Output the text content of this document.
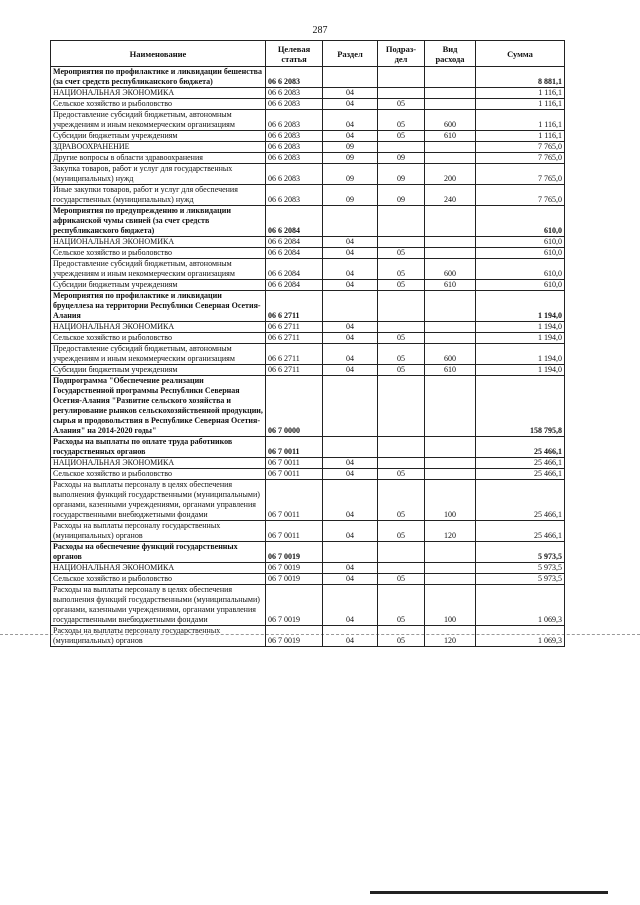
287
Наименование	Целевая статья	Раздел	Подраз-дел	Вид расхода	Сумма
Мероприятия по профилактике и ликвидации бешенства (за счет средств республиканского бюджета)	06 6 2083				8 881,1
НАЦИОНАЛЬНАЯ ЭКОНОМИКА	06 6 2083	04			1 116,1
Сельское хозяйство и рыболовство	06 6 2083	04	05		1 116,1
Предоставление субсидий бюджетным, автономным учреждениям и иным некоммерческим организациям	06 6 2083	04	05	600	1 116,1
Субсидии бюджетным учреждениям	06 6 2083	04	05	610	1 116,1
ЗДРАВООХРАНЕНИЕ	06 6 2083	09			7 765,0
Другие вопросы в области здравоохранения	06 6 2083	09	09		7 765,0
Закупка товаров, работ и услуг для государственных (муниципальных) нужд	06 6 2083	09	09	200	7 765,0
Иные закупки товаров, работ и услуг для обеспечения государственных (муниципальных) нужд	06 6 2083	09	09	240	7 765,0
Мероприятия по предупреждению и ликвидации африканской чумы свиней (за счет средств республиканского бюджета)	06 6 2084				610,0
НАЦИОНАЛЬНАЯ ЭКОНОМИКА	06 6 2084	04			610,0
Сельское хозяйство и рыболовство	06 6 2084	04	05		610,0
Предоставление субсидий бюджетным, автономным учреждениям и иным некоммерческим организациям	06 6 2084	04	05	600	610,0
Субсидии бюджетным учреждениям	06 6 2084	04	05	610	610,0
Мероприятия по профилактике и ликвидации бруцеллеза на территории Республики Северная Осетия-Алания	06 6 2711				1 194,0
НАЦИОНАЛЬНАЯ ЭКОНОМИКА	06 6 2711	04			1 194,0
Сельское хозяйство и рыболовство	06 6 2711	04	05		1 194,0
Предоставление субсидий бюджетным, автономным учреждениям и иным некоммерческим организациям	06 6 2711	04	05	600	1 194,0
Субсидии бюджетным учреждениям	06 6 2711	04	05	610	1 194,0
Подпрограмма "Обеспечение реализации Государственной программы Республики Северная Осетия-Алания "Развитие сельского хозяйства и регулирование рынков сельскохозяйственной продукции, сырья и продовольствия в Республике Северная Осетия-Алания" на 2014-2020 годы"	06 7 0000				158 795,8
Расходы на выплаты по оплате труда работников государственных органов	06 7 0011				25 466,1
НАЦИОНАЛЬНАЯ ЭКОНОМИКА	06 7 0011	04			25 466,1
Сельское хозяйство и рыболовство	06 7 0011	04	05		25 466,1
Расходы на выплаты персоналу в целях обеспечения выполнения функций государственными (муниципальными) органами, казенными учреждениями, органами управления государственными внебюджетными фондами	06 7 0011	04	05	100	25 466,1
Расходы на выплаты персоналу государственных (муниципальных) органов	06 7 0011	04	05	120	25 466,1
Расходы на обеспечение функций государственных органов	06 7 0019				5 973,5
НАЦИОНАЛЬНАЯ ЭКОНОМИКА	06 7 0019	04			5 973,5
Сельское хозяйство и рыболовство	06 7 0019	04	05		5 973,5
Расходы на выплаты персоналу в целях обеспечения выполнения функций государственными (муниципальными) органами, казенными учреждениями, органами управления государственными внебюджетными фондами	06 7 0019	04	05	100	1 069,3
Расходы на выплаты персоналу государственных (муниципальных) органов	06 7 0019	04	05	120	1 069,3
